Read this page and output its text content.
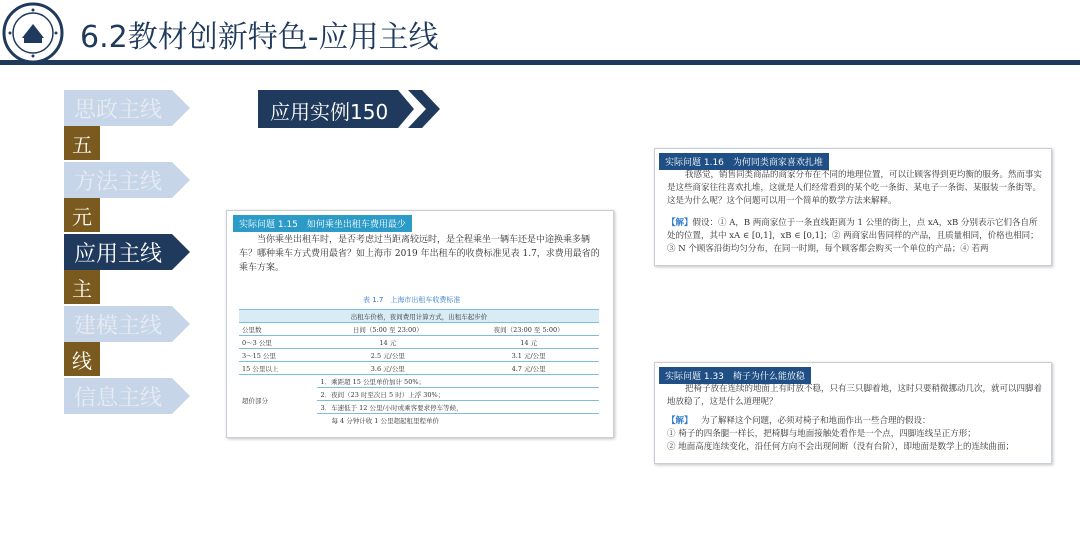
6.2教材创新特色-应用主线
思政主线
五
方法主线
元
应用主线
主
建模主线
线
信息主线
应用实例150
实际问题 1.15　如何乘坐出租车费用最少
当你乘坐出租车时，是否考虑过当距离较远时，是全程乘坐一辆车还是中途换乘多辆车？哪种乘车方式费用最省？如上海市 2019 年出租车的收费标准见表 1.7，求费用最省的乘车方案。
表 1.7　上海市出租车收费标准
出租车价格，夜间费用计算方式，出租车起步价		
公里数	日间（5:00 至 23:00）	夜间（23:00 至 5:00）
0～3 公里	14 元	14 元
3～15 公里	2.5 元/公里	3.1 元/公里
15 公里以上	3.6 元/公里	4.7 元/公里
超价部分	1．乘距超 15 公里单价加计 50%；	
	2．夜间（23 时至次日 5 时）上浮 30%；	
	3．车速低于 12 公里/小时或乘客要求停车等候，	
	每 4 分钟计收 1 公里超起租里程单价	
实际问题 1.16　为何同类商家喜欢扎堆
我感觉，销售同类商品的商家分布在不同的地理位置，可以让顾客得到更均衡的服务。然而事实是这些商家往往喜欢扎堆，这就是人们经常看到的某个吃一条街、某电子一条街、某服装一条街等。这是为什么呢？这个问题可以用一个简单的数学方法来解释。
【解】假设：① A，B 两商家位于一条直线距离为 1 公里的街上，点 xA，xB 分别表示它们各自所处的位置，其中 xA ∈ [0,1]，xB ∈ [0,1]；② 两商家出售同样的产品，且质量相同，价格也相同；③ N 个顾客沿街均匀分布，在同一时期，每个顾客都会购买一个单位的产品；④ 若两
实际问题 1.33　椅子为什么能放稳
把椅子放在连续的地面上有时放不稳，只有三只脚着地，这时只要稍微挪动几次，就可以四脚着地放稳了，这是什么道理呢？
【解】  为了解释这个问题，必须对椅子和地面作出一些合理的假设：
① 椅子的四条腿一样长，把椅脚与地面接触处看作是一个点，四脚连线呈正方形；
② 地面高度连续变化，沿任何方向不会出现间断（没有台阶），即地面是数学上的连续曲面；
